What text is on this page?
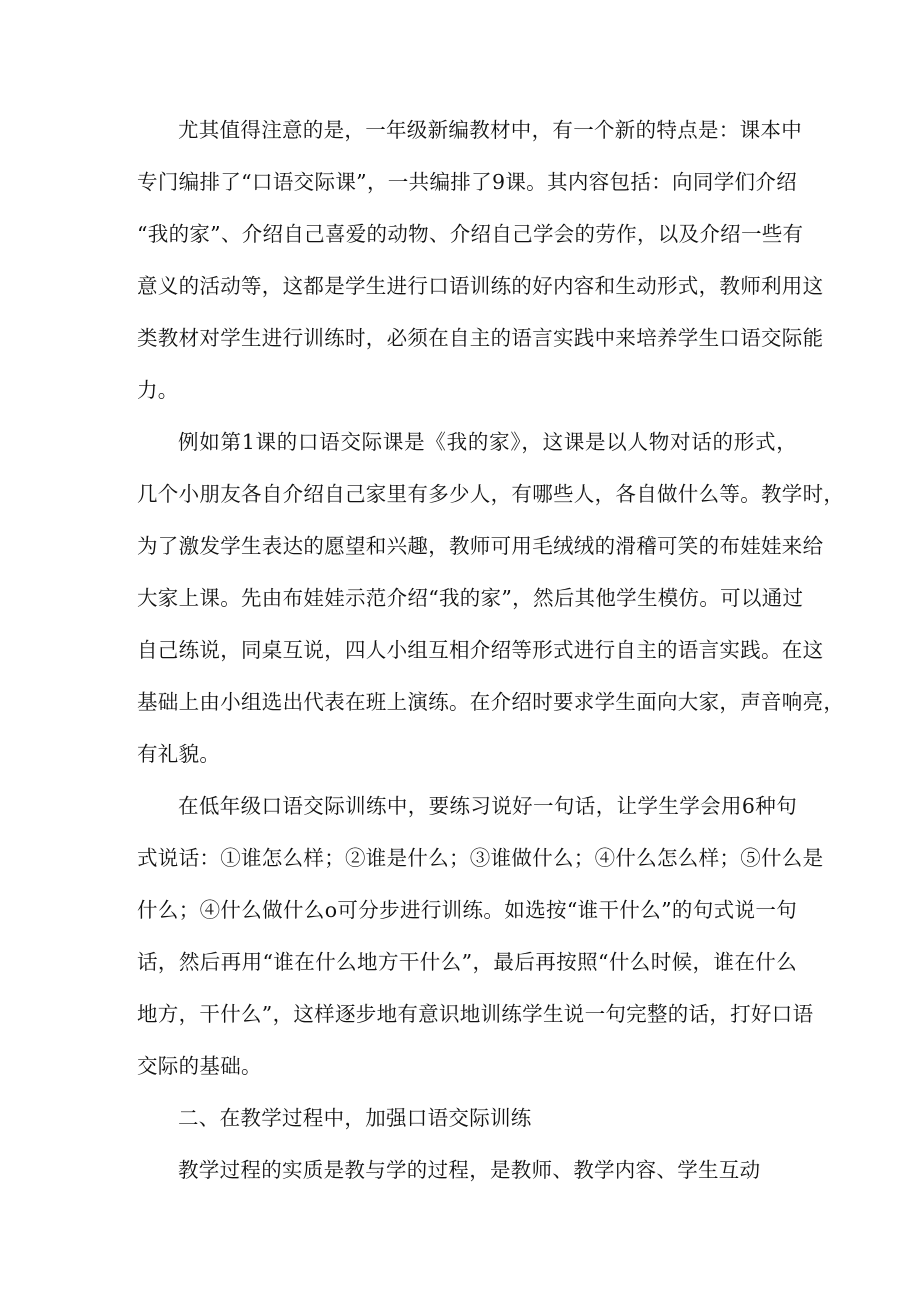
尤其值得注意的是，一年级新编教材中，有一个新的特点是：课本中
专门编排了“口语交际课”，一共编排了9课。其内容包括：向同学们介绍
“我的家”、介绍自己喜爱的动物、介绍自己学会的劳作，以及介绍一些有
意义的活动等，这都是学生进行口语训练的好内容和生动形式，教师利用这
类教材对学生进行训练时，必须在自主的语言实践中来培养学生口语交际能
力。
例如第1课的口语交际课是《我的家》，这课是以人物对话的形式，
几个小朋友各自介绍自己家里有多少人，有哪些人，各自做什么等。教学时，
为了激发学生表达的愿望和兴趣，教师可用毛绒绒的滑稽可笑的布娃娃来给
大家上课。先由布娃娃示范介绍“我的家”，然后其他学生模仿。可以通过
自己练说，同桌互说，四人小组互相介绍等形式进行自主的语言实践。在这
基础上由小组选出代表在班上演练。在介绍时要求学生面向大家，声音响亮，
有礼貌。
在低年级口语交际训练中，要练习说好一句话，让学生学会用6种句
式说话：①谁怎么样；②谁是什么；③谁做什么；④什么怎么样；⑤什么是
什么；④什么做什么o可分步进行训练。如选按“谁干什么”的句式说一句
话，然后再用“谁在什么地方干什么”，最后再按照“什么时候，谁在什么
地方，干什么”，这样逐步地有意识地训练学生说一句完整的话，打好口语
交际的基础。
二、在教学过程中，加强口语交际训练
教学过程的实质是教与学的过程，是教师、教学内容、学生互动
